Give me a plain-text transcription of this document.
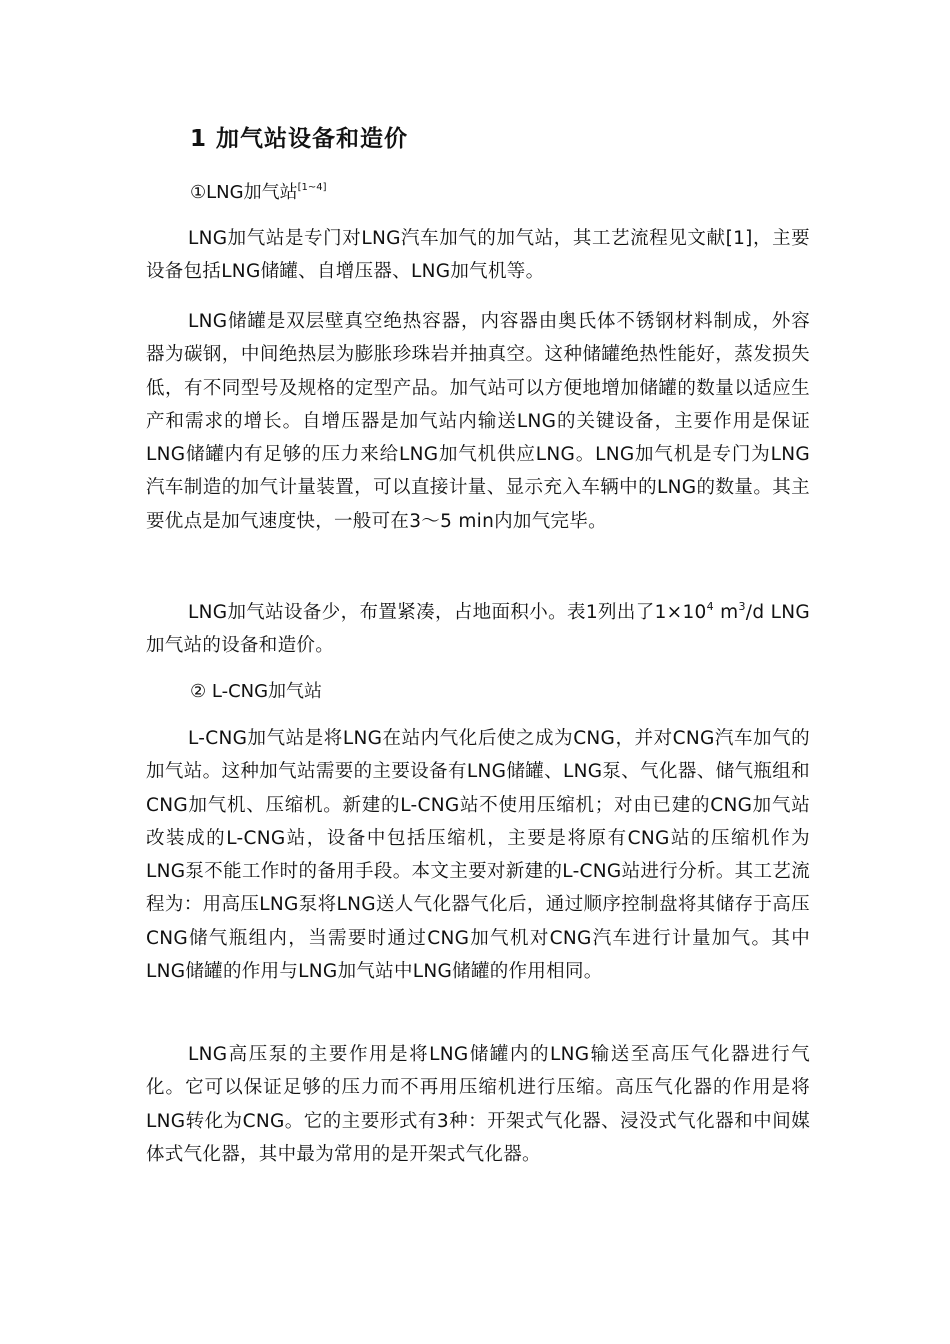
1 加气站设备和造价
①LNG加气站[1~4]

LNG加气站是专门对LNG汽车加气的加气站，其工艺流程见文献[1]，主要设备包括LNG储罐、自增压器、LNG加气机等。

LNG储罐是双层壁真空绝热容器，内容器由奥氏体不锈钢材料制成，外容器为碳钢，中间绝热层为膨胀珍珠岩并抽真空。这种储罐绝热性能好，蒸发损失低，有不同型号及规格的定型产品。加气站可以方便地增加储罐的数量以适应生产和需求的增长。自增压器是加气站内输送LNG的关键设备，主要作用是保证LNG储罐内有足够的压力来给LNG加气机供应LNG。LNG加气机是专门为LNG汽车制造的加气计量装置，可以直接计量、显示充入车辆中的LNG的数量。其主要优点是加气速度快，一般可在3～5 min内加气完毕。

LNG加气站设备少，布置紧凑，占地面积小。表1列出了$1\times 10^4$ $m^3/d$ LNG加气站的设备和造价。

② L-CNG加气站

L-CNG加气站是将LNG在站内气化后使之成为CNG，并对CNG汽车加气的加气站。这种加气站需要的主要设备有LNG储罐、LNG泵、气化器、储气瓶组和CNG加气机、压缩机。新建的L-CNG站不使用压缩机；对由已建的CNG加气站改装成的L-CNG站，设备中包括压缩机，主要是将原有CNG站的压缩机作为LNG泵不能工作时的备用手段。本文主要对新建的L-CNG站进行分析。其工艺流程为：用高压LNG泵将LNG送人气化器气化后，通过顺序控制盘将其储存于高压CNG储气瓶组内，当需要时通过CNG加气机对CNG汽车进行计量加气。其中LNG储罐的作用与LNG加气站中LNG储罐的作用相同。

LNG高压泵的主要作用是将LNG储罐内的LNG输送至高压气化器进行气化。它可以保证足够的压力而不再用压缩机进行压缩。高压气化器的作用是将LNG转化为CNG。它的主要形式有3种：开架式气化器、浸没式气化器和中间媒体式气化器，其中最为常用的是开架式气化器。
